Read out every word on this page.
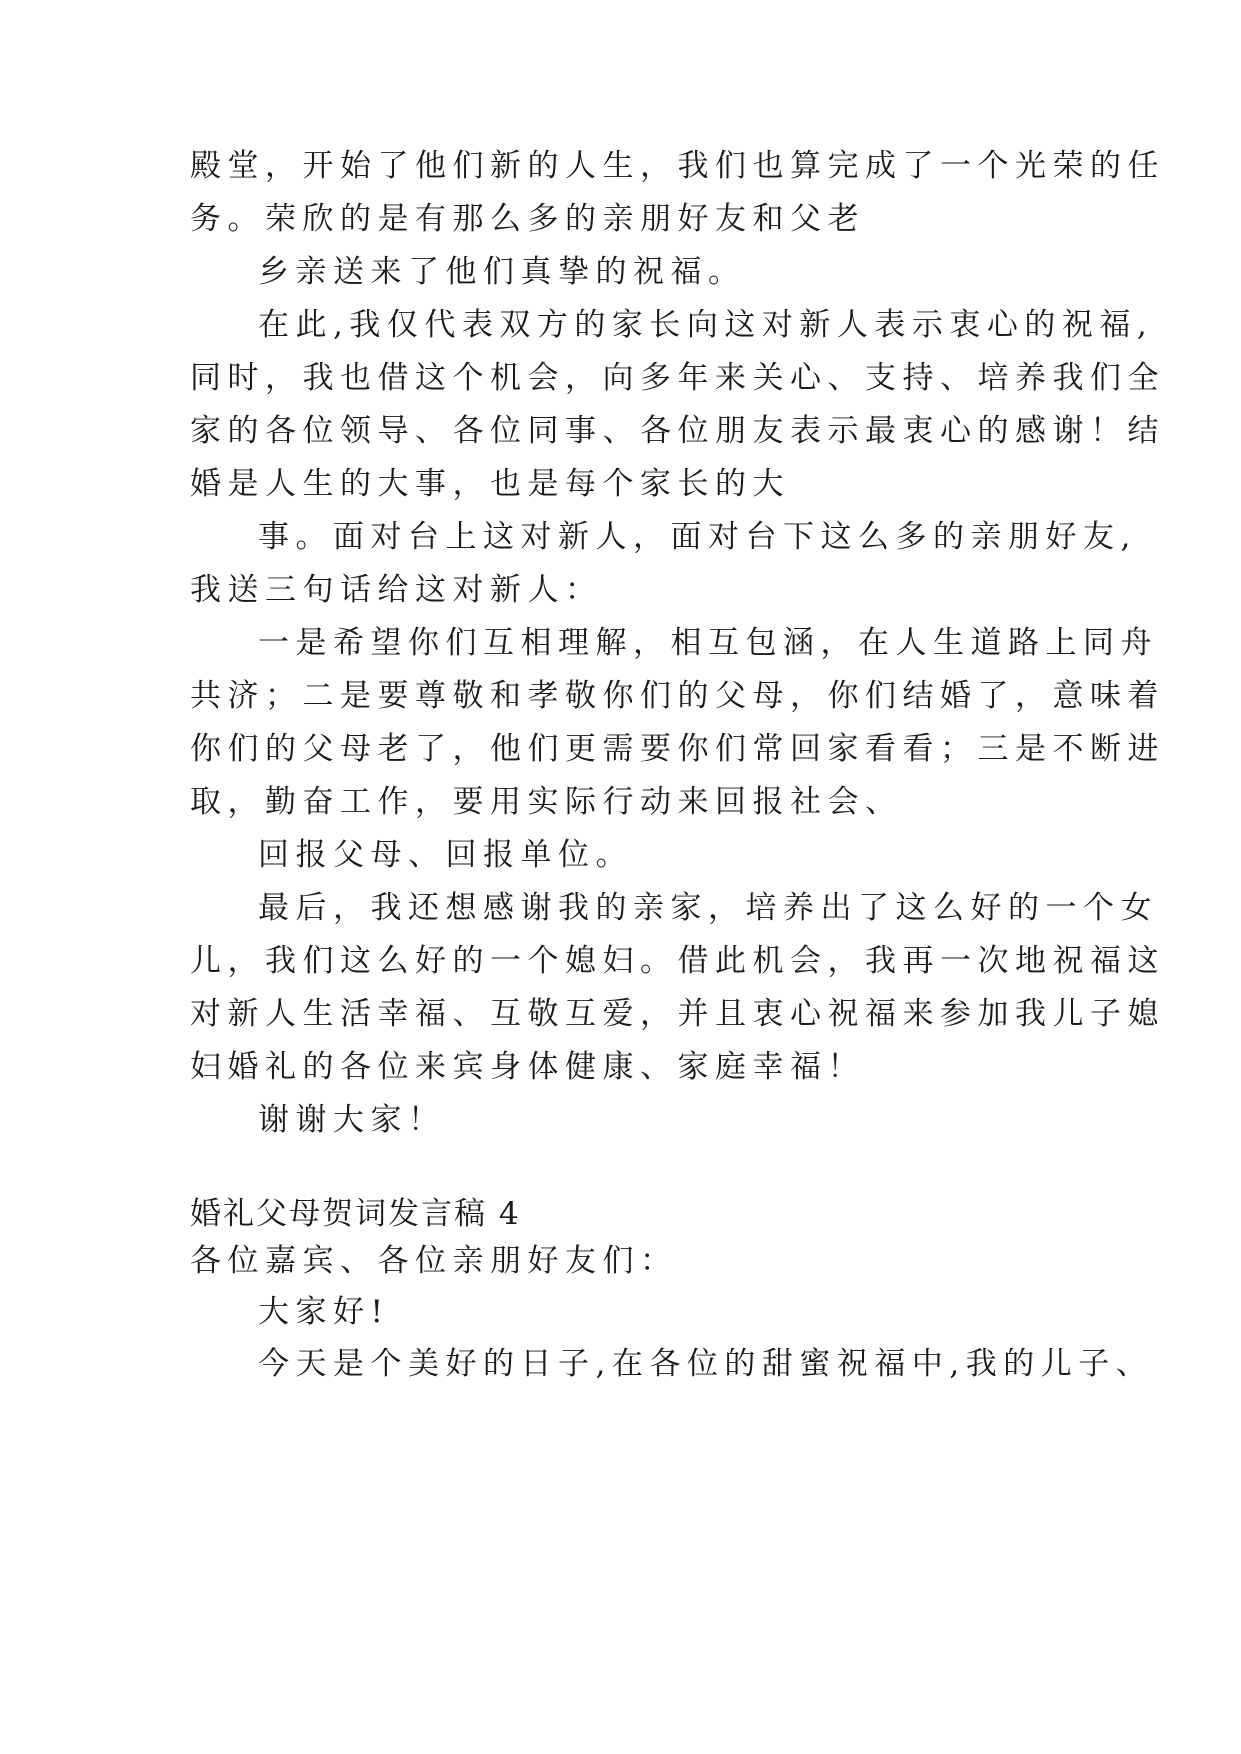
殿堂，开始了他们新的人生，我们也算完成了一个光荣的任
务。荣欣的是有那么多的亲朋好友和父老
乡亲送来了他们真挚的祝福。
在此,我仅代表双方的家长向这对新人表示衷心的祝福,
同时，我也借这个机会，向多年来关心、支持、培养我们全
家的各位领导、各位同事、各位朋友表示最衷心的感谢！结
婚是人生的大事，也是每个家长的大
事。面对台上这对新人，面对台下这么多的亲朋好友,
我送三句话给这对新人：
一是希望你们互相理解，相互包涵，在人生道路上同舟
共济；二是要尊敬和孝敬你们的父母，你们结婚了，意味着
你们的父母老了，他们更需要你们常回家看看；三是不断进
取，勤奋工作，要用实际行动来回报社会、
回报父母、回报单位。
最后，我还想感谢我的亲家，培养出了这么好的一个女
儿，我们这么好的一个媳妇。借此机会，我再一次地祝福这
对新人生活幸福、互敬互爱，并且衷心祝福来参加我儿子媳
妇婚礼的各位来宾身体健康、家庭幸福！
谢谢大家！
婚礼父母贺词发言稿 4
各位嘉宾、各位亲朋好友们：
大家好!
今天是个美好的日子,在各位的甜蜜祝福中,我的儿子、
